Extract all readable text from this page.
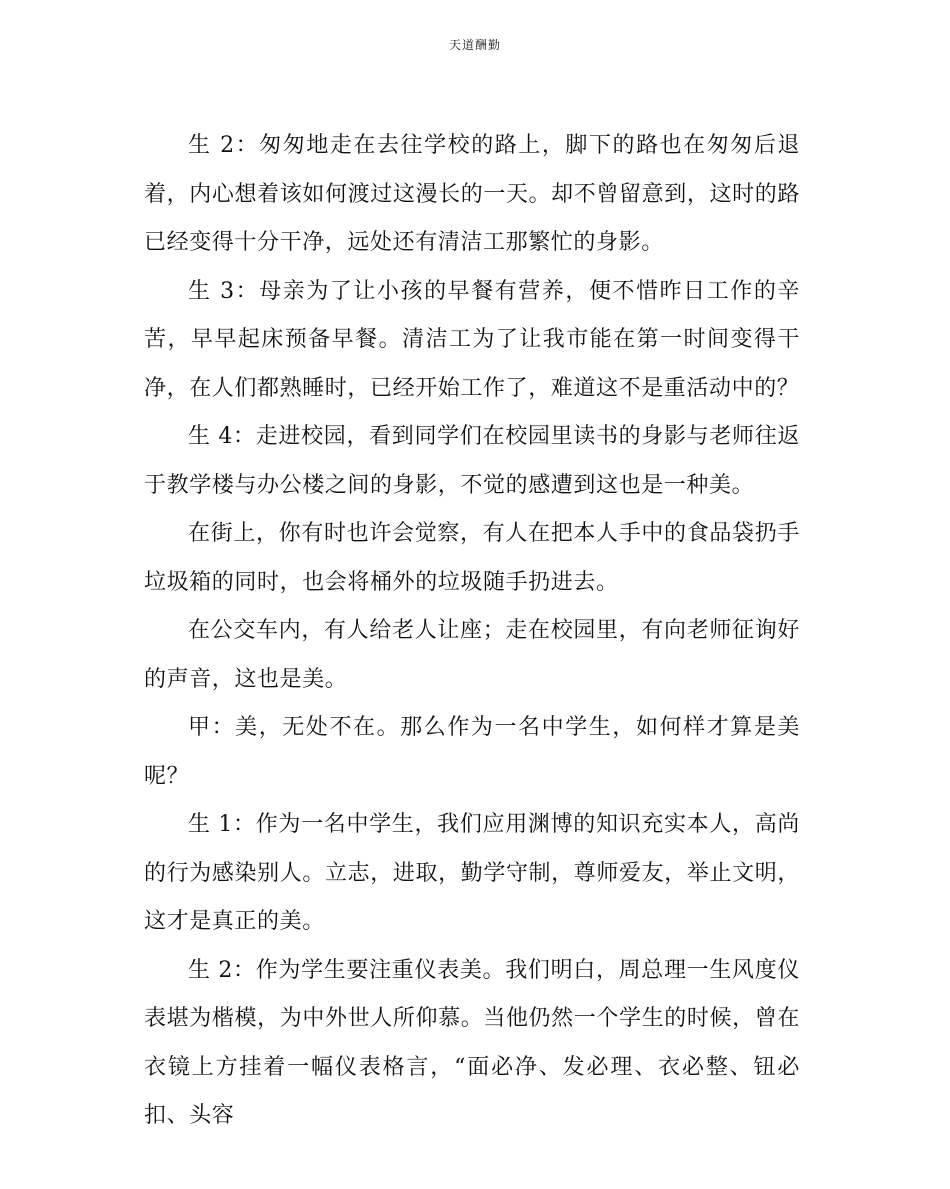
天道酬勤

生 2：匆匆地走在去往学校的路上，脚下的路也在匆匆后退着，内心想着该如何渡过这漫长的一天。却不曾留意到，这时的路已经变得十分干净，远处还有清洁工那繁忙的身影。

生 3：母亲为了让小孩的早餐有营养，便不惜昨日工作的辛苦，早早起床预备早餐。清洁工为了让我市能在第一时间变得干净，在人们都熟睡时，已经开始工作了，难道这不是重活动中的？

生 4：走进校园，看到同学们在校园里读书的身影与老师往返于教学楼与办公楼之间的身影，不觉的感遭到这也是一种美。

在街上，你有时也许会觉察，有人在把本人手中的食品袋扔手垃圾箱的同时，也会将桶外的垃圾随手扔进去。

在公交车内，有人给老人让座；走在校园里，有向老师征询好的声音，这也是美。

甲：美，无处不在。那么作为一名中学生，如何样才算是美呢？

生 1：作为一名中学生，我们应用渊博的知识充实本人，高尚的行为感染别人。立志，进取，勤学守制，尊师爱友，举止文明，这才是真正的美。

生 2：作为学生要注重仪表美。我们明白，周总理一生风度仪表堪为楷模，为中外世人所仰慕。当他仍然一个学生的时候，曾在衣镜上方挂着一幅仪表格言，“面必净、发必理、衣必整、钮必扣、头容
